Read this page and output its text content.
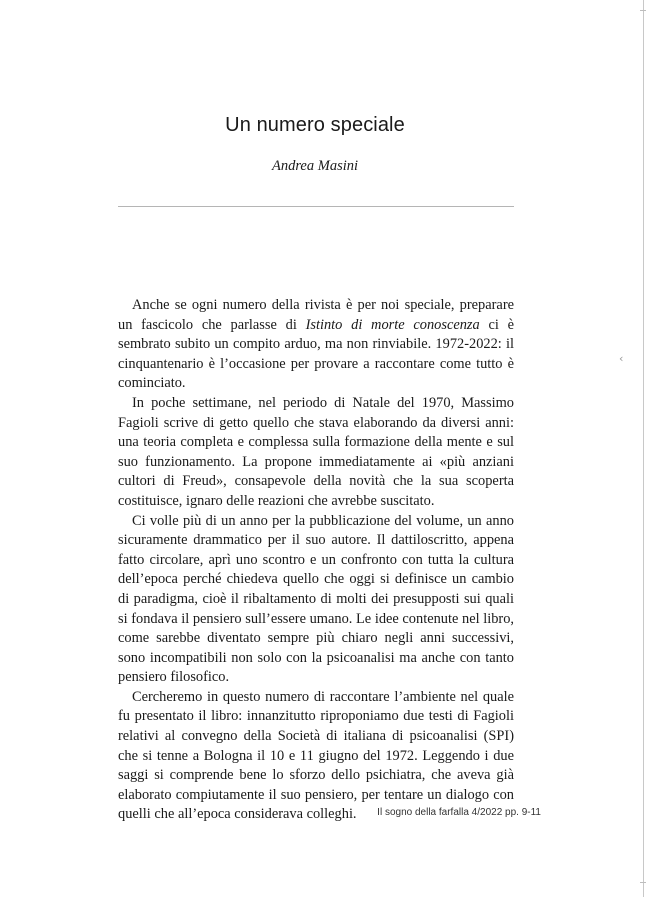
Un numero speciale
Andrea Masini

Anche se ogni numero della rivista è per noi speciale, preparare un fascicolo che parlasse di Istinto di morte conoscenza ci è sembrato subito un compito arduo, ma non rinviabile. 1972-2022: il cinquantenario è l’occasione per provare a raccontare come tutto è cominciato.

In poche settimane, nel periodo di Natale del 1970, Massimo Fagioli scrive di getto quello che stava elaborando da diversi anni: una teoria completa e complessa sulla formazione della mente e sul suo funzionamento. La propone immediatamente ai «più anziani cultori di Freud», consapevole della novità che la sua scoperta costituisce, ignaro delle reazioni che avrebbe suscitato.

Ci volle più di un anno per la pubblicazione del volume, un anno sicuramente drammatico per il suo autore. Il dattiloscritto, appena fatto circolare, aprì uno scontro e un confronto con tutta la cultura dell’epoca perché chiedeva quello che oggi si definisce un cambio di paradigma, cioè il ribaltamento di molti dei presupposti sui quali si fondava il pensiero sull’essere umano. Le idee contenute nel libro, come sarebbe diventato sempre più chiaro negli anni successivi, sono incompatibili non solo con la psicoanalisi ma anche con tanto pensiero filosofico.

Cercheremo in questo numero di raccontare l’ambiente nel quale fu presentato il libro: innanzitutto riproponiamo due testi di Fagioli relativi al convegno della Società di italiana di psicoanalisi (SPI) che si tenne a Bologna il 10 e 11 giugno del 1972. Leggendo i due saggi si comprende bene lo sforzo dello psichiatra, che aveva già elaborato compiutamente il suo pensiero, per tentare un dialogo con quelli che all’epoca considerava colleghi.	Il sogno della farfalla 4/2022 pp. 9-11
‹
